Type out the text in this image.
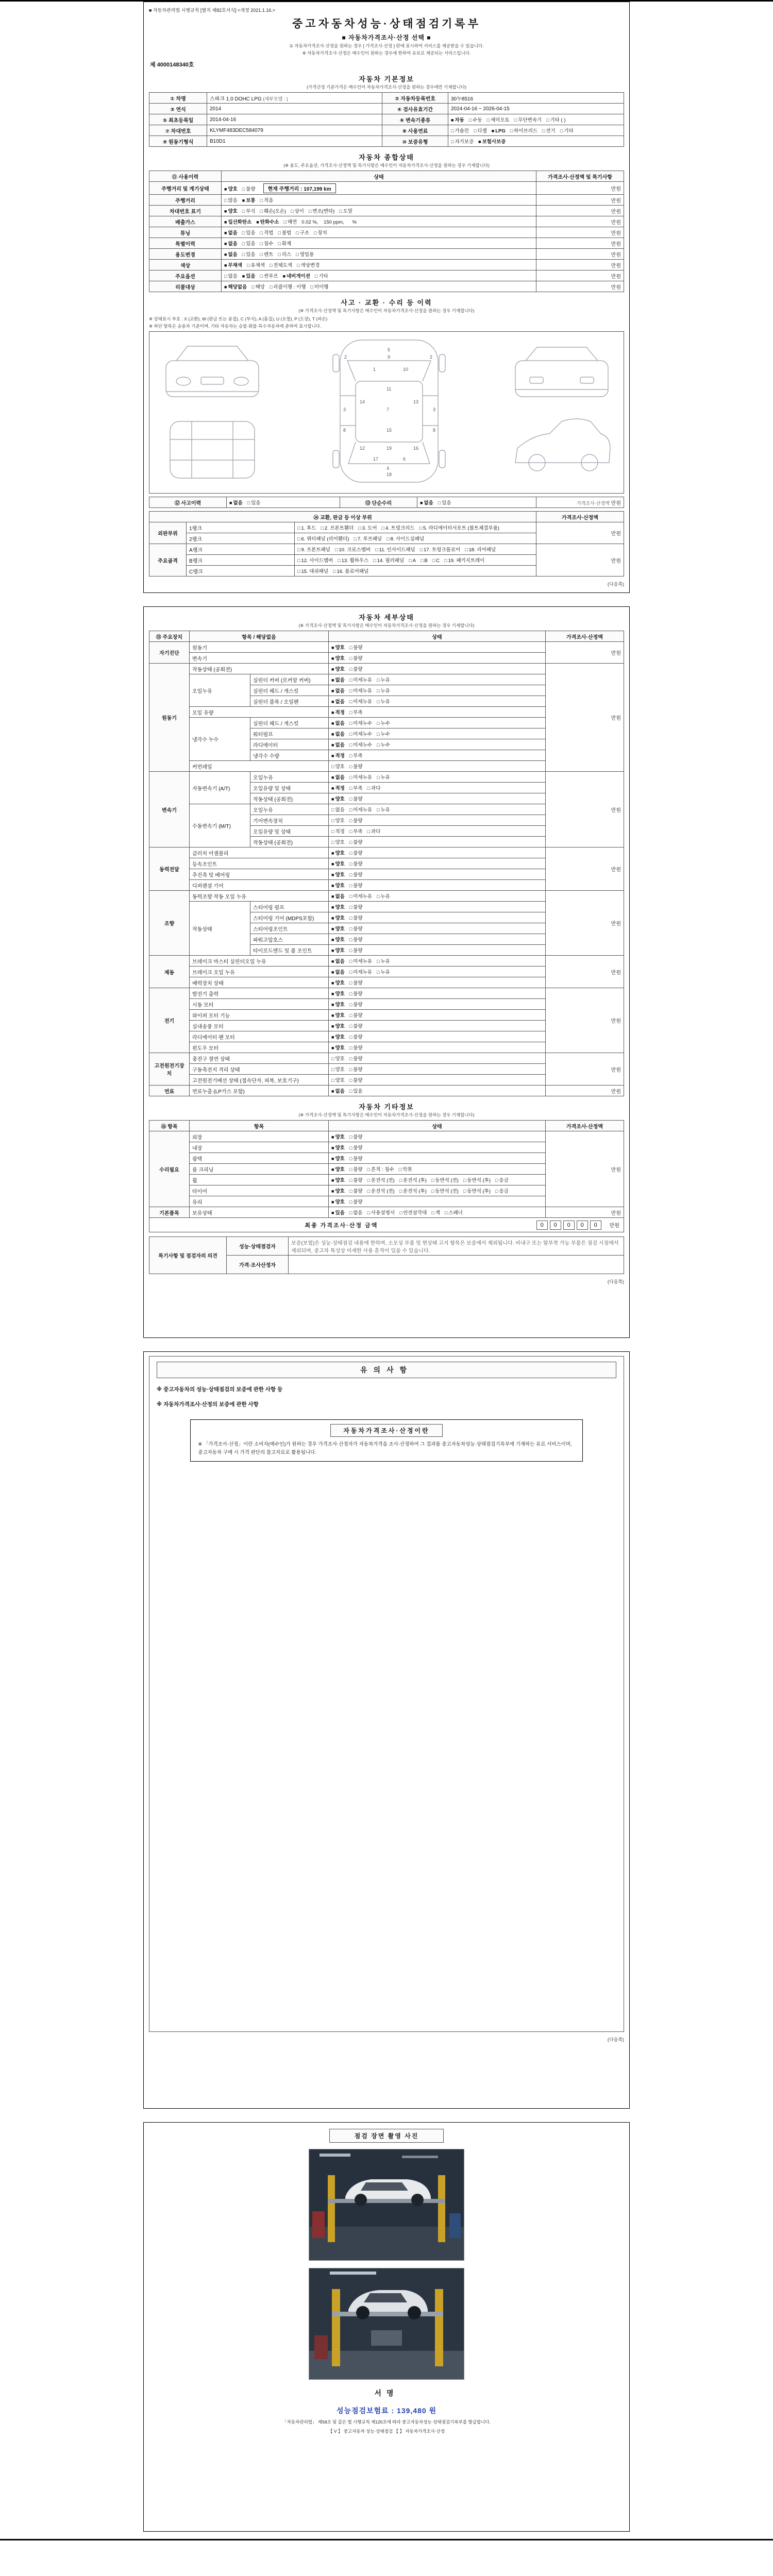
■ 자동차관리법 시행규칙 [별지 제82호서식] <개정 2021.1.16.>
중고자동차성능·상태점검기록부
■ 자동차가격조사·산정 선택 ■
① 자동차가격조사·산정을 원하는 경우 [ 가격조사·산정 ] 란에 표시하여 서비스를 제공받을 수 있습니다.
※ 자동차가격조사·산정은 매수인이 원하는 경우에 한하여 유료로 제공되는 서비스입니다.
제 4000148340호
자동차 기본정보
(가격산정 기준가격은 매수인이 자동차가격조사·산정을 원하는 경우에만 기재합니다)
① 차명	스파크 1.0 DOHC LPG (세부모델 : )	② 자동차등록번호	30누8516
③ 연식	2014	④ 검사유효기간	2024-04-16 ~ 2026-04-15
⑤ 최초등록일	2014-04-16	⑥ 변속기종류	■ 자동 □ 수동 □ 세미오토 □ 무단변속기 □ 기타 ( )
⑦ 차대번호	KLYMF483DEC584079	⑧ 사용연료	□ 가솔린 □ 디젤 ■ LPG □ 하이브리드 □ 전기 □ 기타
⑨ 원동기형식	B10D1	⑩ 보증유형	□ 자가보증 ■ 보험사보증
자동차 종합상태
(※ 용도, 주요옵션, 가격조사·산정액 및 특기사항은 매수인이 자동차가격조사·산정을 원하는 경우 기재합니다)
⑪ 사용이력	상태	가격조사·산정액 및 특기사항
주행거리 및 계기상태	■ 양호 □ 불량 현재 주행거리 : 107,199 km	만원
주행거리	□ 많음 ■ 보통 □ 적음	만원
차대번호 표기	■ 양호 □ 부식 □ 훼손(오손) □ 상이 □ 변조(변타) □ 도말	만원
배출가스	■ 일산화탄소 ■ 탄화수소 □ 매연 0.02 %,    150 ppm,      %	만원
튜닝	■ 없음 □ 있음 □ 적법 □ 불법 □ 구조 □ 장치	만원
특별이력	■ 없음 □ 있음 □ 침수 □ 화재	만원
용도변경	■ 없음 □ 있음 □ 렌트 □ 리스 □ 영업용	만원
색상	■ 무채색 □ 유채색 □ 전체도색 □ 색상변경	만원
주요옵션	□ 없음 ■ 있음 □ 썬루프 ■ 네비게이션 □ 기타	만원
리콜대상	■ 해당없음 □ 해당 □ 리콜이행 : 이행 □ 미이행	만원
사고 · 교환 · 수리 등 이력
(※ 가격조사·산정액 및 특기사항은 매수인이 자동차가격조사·산정을 원하는 경우 기재합니다)
※ 상태표시 부호 : X (교환), W (판금 또는 용접), C (부식), A (흠집), U (요철), P (도장), T (파손)
※ 하단 항목은 승용차 기준이며, 기타 자동차는 승합·화물·특수자동차에 준하여 표시합니다.
5
9
1	10
2	2
3	3
11
7
14	13
8	8
15
12	16
19
17	6
18
4
⑫ 사고이력	■ 없음 □ 있음	⑬ 단순수리	■ 없음 □ 있음	가격조사·산정액 만원
⑭ 교환, 판금 등 이상 부위			가격조사·산정액
외판부위	1랭크	□ 1. 후드 □ 2. 프론트휀더 □ 3. 도어 □ 4. 트렁크리드 □ 5. 라디에이터서포트 (볼트체결부품)	만원
	2랭크	□ 6. 쿼터패널 (리어휀더) □ 7. 루프패널 □ 8. 사이드실패널	
주요골격	A랭크	□ 9. 프론트패널 □ 10. 크로스멤버 □ 11. 인사이드패널 □ 17. 트렁크플로어 □ 18. 리어패널	만원
	B랭크	□ 12. 사이드멤버 □ 13. 휠하우스 □ 14. 필러패널 □ A □ B □ C □ 19. 패키지트레이	
	C랭크	□ 15. 대쉬패널 □ 16. 플로어패널	
(다음쪽)
자동차 세부상태
(※ 가격조사·산정액 및 특기사항은 매수인이 자동차가격조사·산정을 원하는 경우 기재합니다)
⑮ 주요장치	항목 / 해당없음		상태	가격조사·산정액
자기진단	원동기		■ 양호 □ 불량	만원
	변속기		■ 양호 □ 불량	
원동기	작동상태 (공회전)		■ 양호 □ 불량	만원
	오일누유	실린더 커버 (로커암 커버)	■ 없음 □ 미세누유 □ 누유	
		실린더 헤드 / 개스킷	■ 없음 □ 미세누유 □ 누유	
		실린더 블록 / 오일팬	■ 없음 □ 미세누유 □ 누유	
	오일 유량		■ 적정 □ 부족	
	냉각수 누수	실린더 헤드 / 개스킷	■ 없음 □ 미세누수 □ 누수	
		워터펌프	■ 없음 □ 미세누수 □ 누수	
		라디에이터	■ 없음 □ 미세누수 □ 누수	
		냉각수 수량	■ 적정 □ 부족	
	커먼레일		□ 양호 □ 불량	
변속기	자동변속기 (A/T)	오일누유	■ 없음 □ 미세누유 □ 누유	만원
		오일유량 및 상태	■ 적정 □ 부족 □ 과다	
		작동상태 (공회전)	■ 양호 □ 불량	
	수동변속기 (M/T)	오일누유	□ 없음 □ 미세누유 □ 누유	
		기어변속장치	□ 양호 □ 불량	
		오일유량 및 상태	□ 적정 □ 부족 □ 과다	
		작동상태 (공회전)	□ 양호 □ 불량	
동력전달	클러치 어셈블리		■ 양호 □ 불량	만원
	등속조인트		■ 양호 □ 불량	
	추진축 및 베어링		■ 양호 □ 불량	
	디퍼렌셜 기어		■ 양호 □ 불량	
조향	동력조향 작동 오일 누유		■ 없음 □ 미세누유 □ 누유	만원
	작동상태	스티어링 펌프	■ 양호 □ 불량	
		스티어링 기어 (MDPS포함)	■ 양호 □ 불량	
		스티어링조인트	■ 양호 □ 불량	
		파워고압호스	■ 양호 □ 불량	
		타이로드엔드 및 볼 조인트	■ 양호 □ 불량	
제동	브레이크 마스터 실린더오일 누유		■ 없음 □ 미세누유 □ 누유	만원
	브레이크 오일 누유		■ 없음 □ 미세누유 □ 누유	
	배력장치 상태		■ 양호 □ 불량	
전기	발전기 출력		■ 양호 □ 불량	만원
	시동 모터		■ 양호 □ 불량	
	와이퍼 모터 기능		■ 양호 □ 불량	
	실내송풍 모터		■ 양호 □ 불량	
	라디에이터 팬 모터		■ 양호 □ 불량	
	윈도우 모터		■ 양호 □ 불량	
고전원전기장치	충전구 절연 상태		□ 양호 □ 불량	만원
	구동축전지 격리 상태		□ 양호 □ 불량	
	고전원전기배선 상태 (접속단자, 피복, 보호기구)		□ 양호 □ 불량	
연료	연료누출 (LP가스 포함)		■ 없음 □ 있음	만원
자동차 기타정보
(※ 가격조사·산정액 및 특기사항은 매수인이 자동차가격조사·산정을 원하는 경우 기재합니다)
⑯ 항목	항목	상태	가격조사·산정액
수리필요	외장	■ 양호 □ 불량	만원
	내장	■ 양호 □ 불량	
	광택	■ 양호 □ 불량	
	룸 크리닝	■ 양호 □ 불량 □ 흔적 : 침수 □ 악취	
	휠	■ 양호 □ 불량 □ 운전석 (전) □ 운전석 (후) □ 동반석 (전) □ 동반석 (후) □ 응급	
	타이어	■ 양호 □ 불량 □ 운전석 (전) □ 운전석 (후) □ 동반석 (전) □ 동반석 (후) □ 응급	
	유리	■ 양호 □ 불량	
기본품목	보유상태	■ 있음 □ 없음 □ 사용설명서 □ 안전삼각대 □ 잭 □ 스패너	만원
최종 가격조사·산정 금액	0 0 0 0 0	만원
특기사항 및 점검자의 의견	성능·상태점검자	보증(보험)은 성능·상태점검 내용에 한하며, 소모성 부품 및 현상태 고지 항목은 보증에서 제외됩니다. 비내구 또는 탈부착 가능 부품은 점검 시점에서 제외되며, 중고차 특성상 미세한 사용 흔적이 있을 수 있습니다.
	가격·조사산정자	
(다음쪽)
유의사항
※ 중고자동차의 성능·상태점검의 보증에 관한 사항 등
※ 자동차가격조사·산정의 보증에 관한 사항
자동차가격조사·산정이란
※ 「가격조사·산정」이란 소비자(매수인)가 원하는 경우 가격조사·산정자가 자동차가격을 조사·산정하여 그 결과를 중고자동차성능·상태점검기록부에 기재하는 유료 서비스이며, 중고자동차 구매 시 가격 판단의 참고자료로 활용됩니다.
(다음쪽)
점검 장면 촬영 사진
서명
성능점검보험료 : 139,480 원
「자동차관리법」 제58조 및 같은 법 시행규칙 제120조에 따라 중고자동차성능·상태점검기록부를 발급합니다.
【 V 】 중고자동차 성능·상태점검 【 】 자동차가격조사·산정
